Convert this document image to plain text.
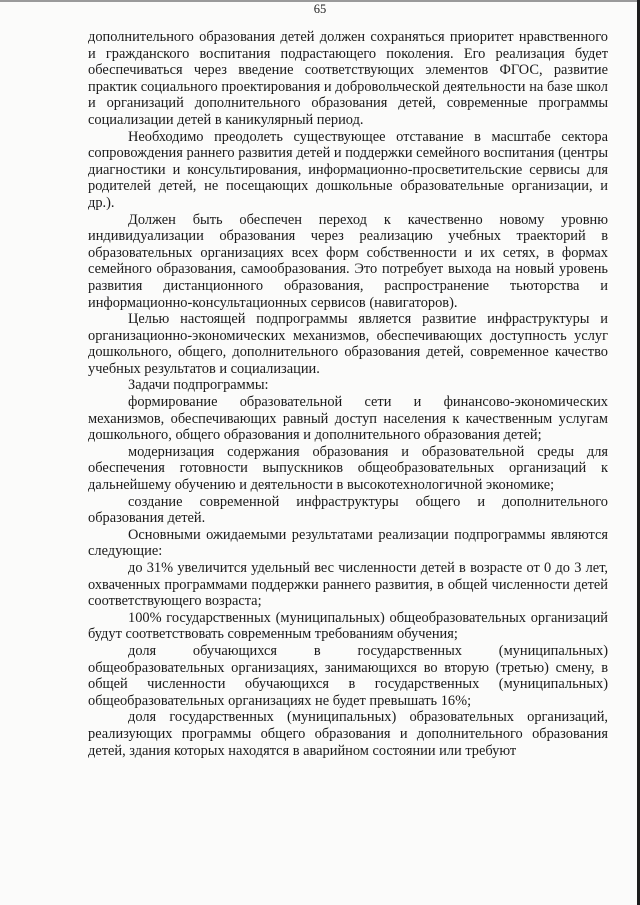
65

дополнительного образования детей должен сохраняться приоритет нравственного и гражданского воспитания подрастающего поколения. Его реализация будет обеспечиваться через введение соответствующих элементов ФГОС, развитие практик социального проектирования и добровольческой деятельности на базе школ и организаций дополнительного образования детей, современные программы социализации детей в каникулярный период.

Необходимо преодолеть существующее отставание в масштабе сектора сопровождения раннего развития детей и поддержки семейного воспитания (центры диагностики и консультирования, информационно-просветительские сервисы для родителей детей, не посещающих дошкольные образовательные организации, и др.).

Должен быть обеспечен переход к качественно новому уровню индивидуализации образования через реализацию учебных траекторий в образовательных организациях всех форм собственности и их сетях, в формах семейного образования, самообразования. Это потребует выхода на новый уровень развития дистанционного образования, распространение тьюторства и информационно-консультационных сервисов (навигаторов).

Целью настоящей подпрограммы является развитие инфраструктуры и организационно-экономических механизмов, обеспечивающих доступность услуг дошкольного, общего, дополнительного образования детей, современное качество учебных результатов и социализации.

Задачи подпрограммы:

формирование образовательной сети и финансово-экономических механизмов, обеспечивающих равный доступ населения к качественным услугам дошкольного, общего образования и дополнительного образования детей;

модернизация содержания образования и образовательной среды для обеспечения готовности выпускников общеобразовательных организаций к дальнейшему обучению и деятельности в высокотехнологичной экономике;

создание современной инфраструктуры общего и дополнительного образования детей.

Основными ожидаемыми результатами реализации подпрограммы являются следующие:

до 31% увеличится удельный вес численности детей в возрасте от 0 до 3 лет, охваченных программами поддержки раннего развития, в общей численности детей соответствующего возраста;

100% государственных (муниципальных) общеобразовательных организаций будут соответствовать современным требованиям обучения;

доля обучающихся в государственных (муниципальных) общеобразовательных организациях, занимающихся во вторую (третью) смену, в общей численности обучающихся в государственных (муниципальных) общеобразовательных организациях не будет превышать 16%;

доля государственных (муниципальных) образовательных организаций, реализующих программы общего образования и дополнительного образования детей, здания которых находятся в аварийном состоянии или требуют
